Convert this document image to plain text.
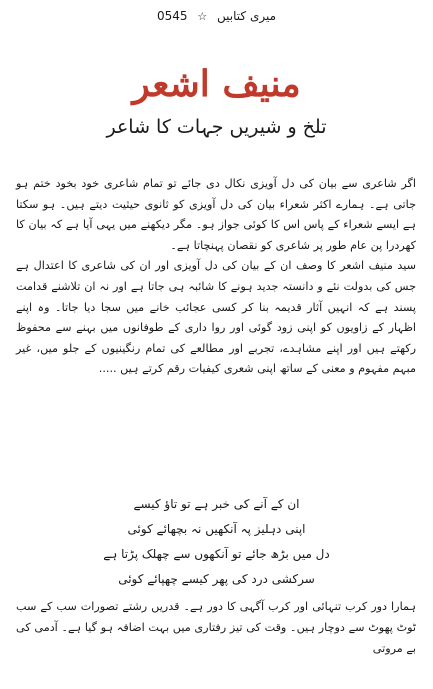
میری کتابیں ☆ 0545
منیف اشعر
تلخ و شیریں جہات کا شاعر

اگر شاعری سے بیان کی دل آویزی نکال دی جائے تو تمام شاعری خود بخود ختم ہو جاتی ہے۔ ہمارے اکثر شعراء بیان کی دل آویزی کو ثانوی حیثیت دیتے ہیں۔ ہو سکتا ہے ایسے شعراء کے پاس اس کا کوئی جواز ہو۔ مگر دیکھنے میں یہی آیا ہے کہ بیان کا کھردرا پن عام طور پر شاعری کو نقصان پہنچاتا ہے۔

سید منیف اشعر کا وصف ان کے بیان کی دل آویزی اور ان کی شاعری کا اعتدال ہے جس کی بدولت نئے و دانستہ جدید ہونے کا شائبہ ہی جاتا ہے اور نہ ان تلاشنے قدامت پسند ہے کہ انہیں آثار قدیمہ بنا کر کسی عجائب خانے میں سجا دیا جاتا۔ وہ اپنے اظہار کے زاویوں کو اپنی زود گوئی اور روا داری کے طوفانوں میں بہنے سے محفوظ رکھتے ہیں اور اپنے مشاہدے، تجربے اور مطالعے کی تمام رنگینیوں کے جلو میں، غیر مبہم مفہوم و معنی کے ساتھ اپنی شعری کیفیات رقم کرتے ہیں .....

ان کے آنے کی خبر ہے تو تاؤ کیسے
اپنی دہلیز پہ آنکھیں نہ بچھائے کوئی
دل میں بڑھ جائے تو آنکھوں سے چھلک پڑتا ہے
سرکشی درد کی پھر کیسے چھپائے کوئی

ہمارا دور کرب تنہائی اور کرب آگہی کا دور ہے۔ قدریں رشتے تصورات سب کے سب ٹوٹ پھوٹ سے دوچار ہیں۔ وقت کی تیز رفتاری میں بہت اضافہ ہو گیا ہے۔ آدمی کی بے مروتی
